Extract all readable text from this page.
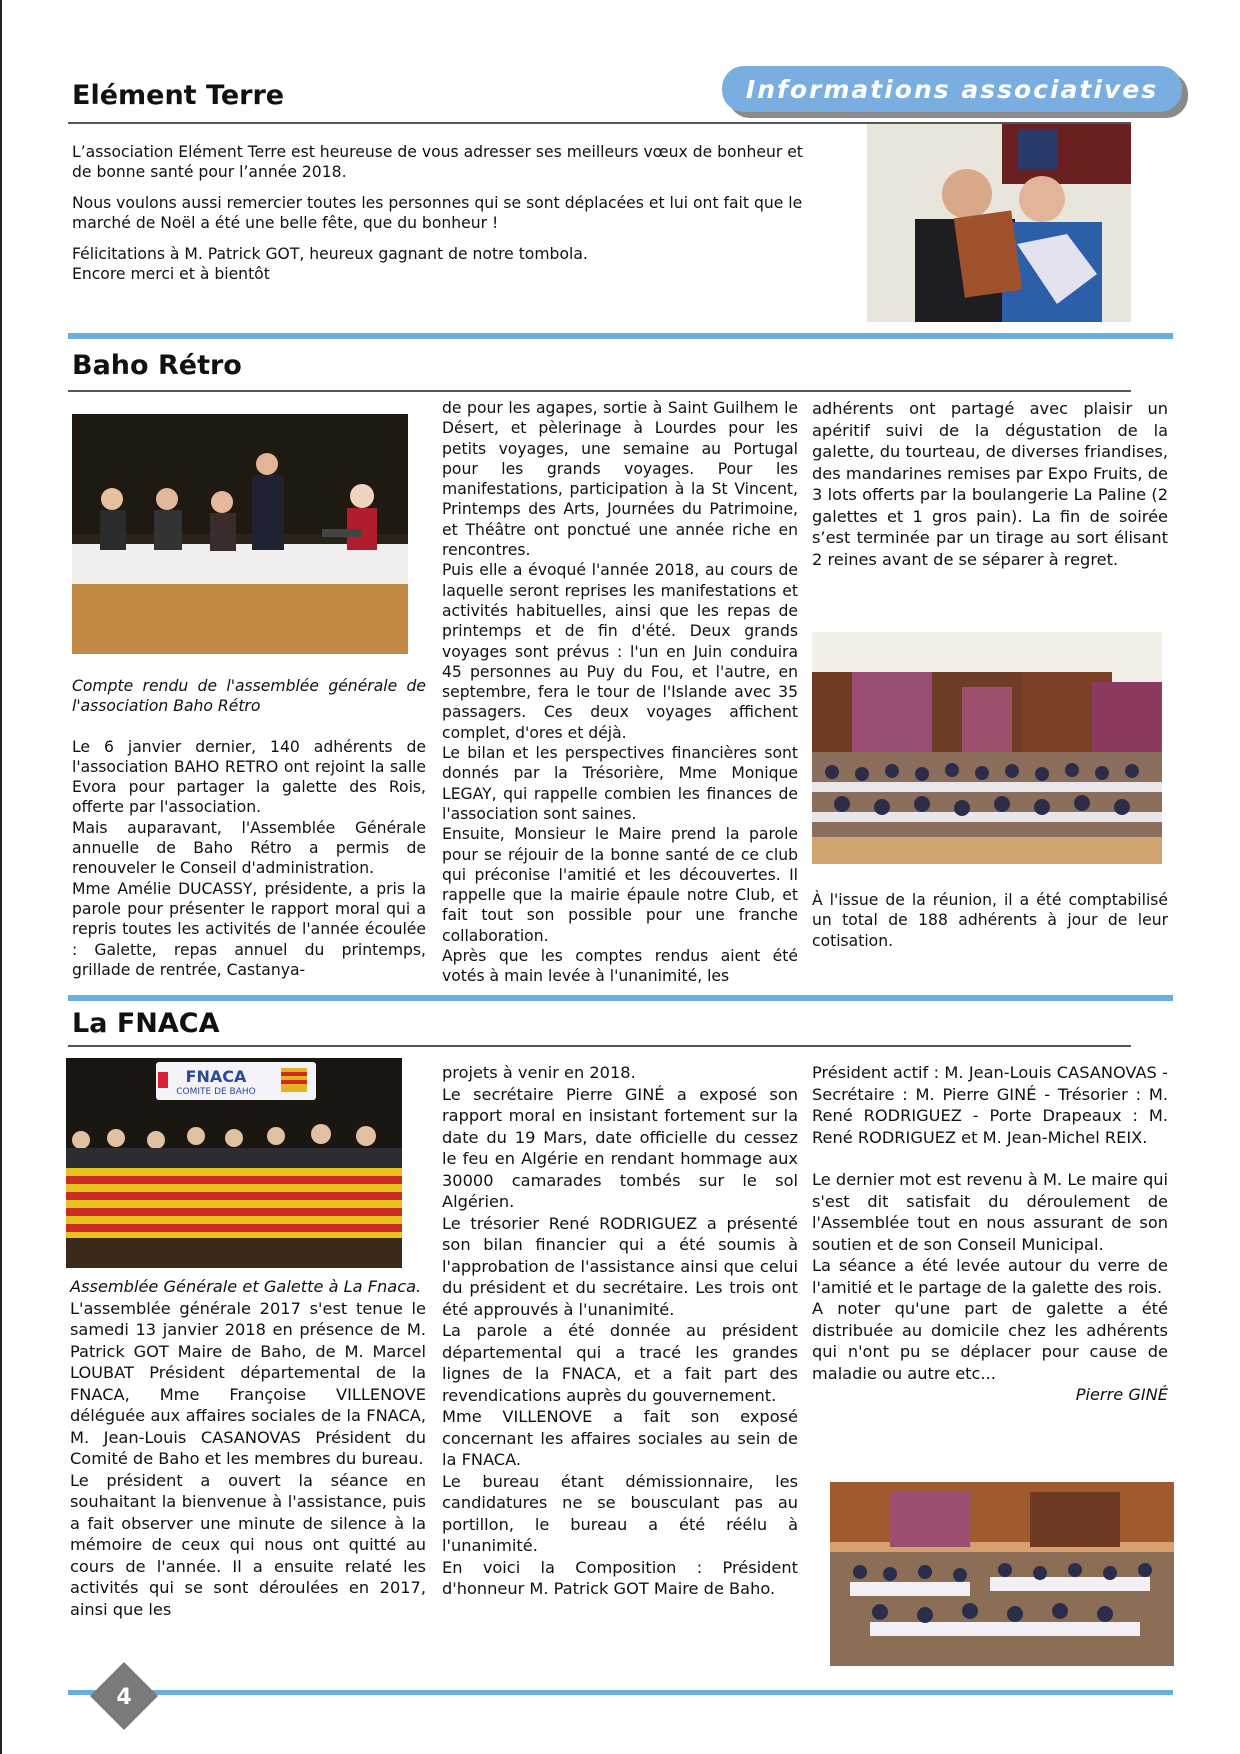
Informations associatives
Elément Terre

L’association Elément Terre est heureuse de vous adresser ses meilleurs vœux de bonheur et de bonne santé pour l’année 2018.

Nous voulons aussi remercier toutes les personnes qui se sont déplacées et lui ont fait que le marché de Noël a été une belle fête, que du bonheur !

Félicitations à M. Patrick GOT, heureux gagnant de notre tombola.

Encore merci et à bientôt

Baho Rétro

Compte rendu de l'assemblée générale de l'association Baho Rétro

Le 6 janvier dernier, 140 adhérents de l'association BAHO RETRO ont rejoint la salle Evora pour partager la galette des Rois, offerte par l'association.

Mais auparavant, l'Assemblée Générale annuelle de Baho Rétro a permis de renouveler le Conseil d'administration.

Mme Amélie DUCASSY, présidente, a pris la parole pour présenter le rapport moral qui a repris toutes les activités de l'année écoulée : Galette, repas annuel du printemps, grillade de rentrée, Castanya-

de pour les agapes, sortie à Saint Guilhem le Désert, et pèlerinage à Lourdes pour les petits voyages, une semaine au Portugal pour les grands voyages. Pour les manifestations, participation à la St Vincent, Printemps des Arts, Journées du Patrimoine, et Théâtre ont ponctué une année riche en rencontres.

Puis elle a évoqué l'année 2018, au cours de laquelle seront reprises les manifestations et activités habituelles, ainsi que les repas de printemps et de fin d'été. Deux grands voyages sont prévus : l'un en Juin conduira 45 personnes au Puy du Fou, et l'autre, en septembre, fera le tour de l'Islande avec 35 passagers. Ces deux voyages affichent complet, d'ores et déjà.

Le bilan et les perspectives financières sont donnés par la Trésorière, Mme Monique LEGAY, qui rappelle combien les finances de l'association sont saines.

Ensuite, Monsieur le Maire prend la parole pour se réjouir de la bonne santé de ce club qui préconise l'amitié et les découvertes. Il rappelle que la mairie épaule notre Club, et fait tout son possible pour une franche collaboration.

Après que les comptes rendus aient été votés à main levée à l'unanimité, les

adhérents ont partagé avec plaisir un apéritif suivi de la dégustation de la galette, du tourteau, de diverses friandises, des mandarines remises par Expo Fruits, de 3 lots offerts par la boulangerie La Paline (2 galettes et 1 gros pain). La fin de soirée s’est terminée par un tirage au sort élisant 2 reines avant de se séparer à regret.

À l'issue de la réunion, il a été comptabilisé un total de 188 adhérents à jour de leur cotisation.

La FNACA
FNACA
COMITE DE BAHO

Assemblée Générale et Galette à La Fnaca.

L'assemblée générale 2017 s'est tenue le samedi 13 janvier 2018 en présence de M. Patrick GOT Maire de Baho, de M. Marcel LOUBAT Président départemental de la FNACA, Mme Françoise VILLENOVE déléguée aux affaires sociales de la FNACA, M. Jean-Louis CASANOVAS Président du Comité de Baho et les membres du bureau.

Le président a ouvert la séance en souhaitant la bienvenue à l'assistance, puis a fait observer une minute de silence à la mémoire de ceux qui nous ont quitté au cours de l'année. Il a ensuite relaté les activités qui se sont déroulées en 2017, ainsi que les

projets à venir en 2018.

Le secrétaire Pierre GINÉ a exposé son rapport moral en insistant fortement sur la date du 19 Mars, date officielle du cessez le feu en Algérie en rendant hommage aux 30000 camarades tombés sur le sol Algérien.

Le trésorier René RODRIGUEZ a présenté son bilan financier qui a été soumis à l'approbation de l'assistance ainsi que celui du président et du secrétaire. Les trois ont été approuvés à l'unanimité.

La parole a été donnée au président départemental qui a tracé les grandes lignes de la FNACA, et a fait part des revendications auprès du gouvernement.

Mme VILLENOVE a fait son exposé concernant les affaires sociales au sein de la FNACA.

Le bureau étant démissionnaire, les candidatures ne se bousculant pas au portillon, le bureau a été réélu à l'unanimité.

En voici la Composition : Président d'honneur M. Patrick GOT Maire de Baho.

Président actif : M. Jean-Louis CASANOVAS - Secrétaire : M. Pierre GINÉ - Trésorier : M. René RODRIGUEZ - Porte Drapeaux : M. René RODRIGUEZ et M. Jean-Michel REIX.

Le dernier mot est revenu à M. Le maire qui s'est dit satisfait du déroulement de l'Assemblée tout en nous assurant de son soutien et de son Conseil Municipal.

La séance a été levée autour du verre de l'amitié et le partage de la galette des rois.

A noter qu'une part de galette a été distribuée au domicile chez les adhérents qui n'ont pu se déplacer pour cause de maladie ou autre etc...

Pierre GINÉ

4
